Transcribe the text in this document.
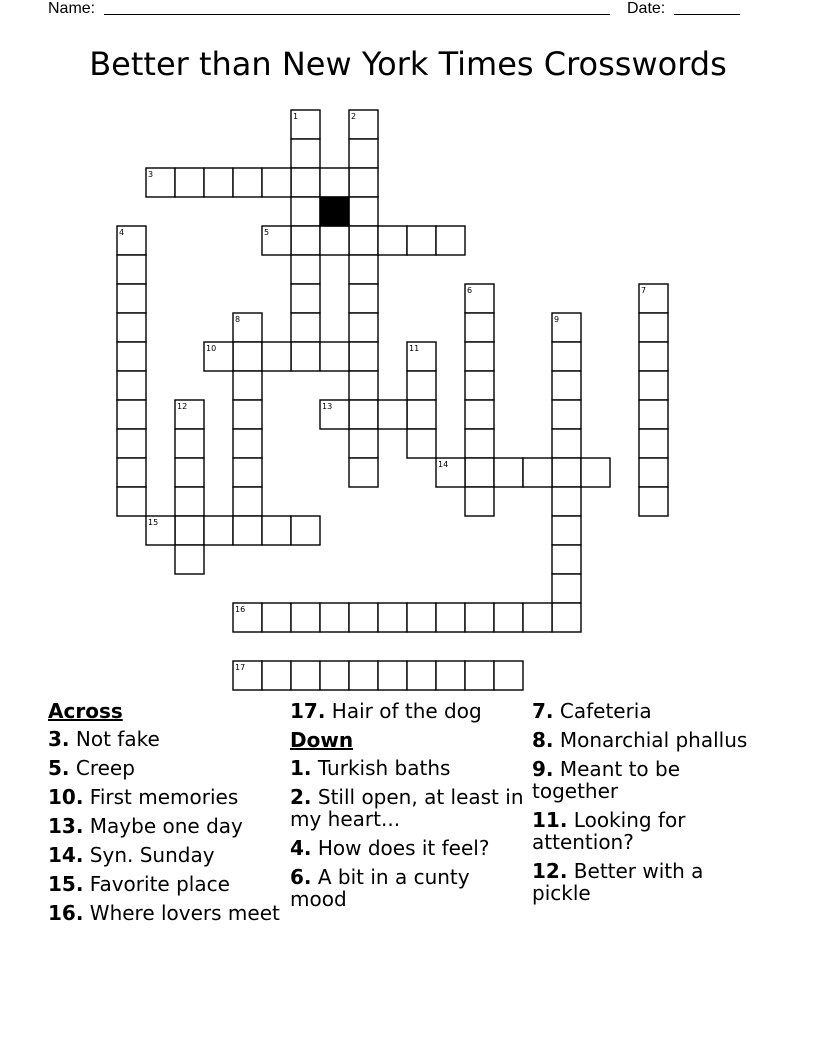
Name:	Date:
Better than New York Times Crosswords
1	2
3
4	5
6	7
8	9
10	11
12	13
14
15
16
17
Across
3. Not fake
5. Creep
10. First memories
13. Maybe one day
14. Syn. Sunday
15. Favorite place
16. Where lovers meet
17. Hair of the dog
Down
1. Turkish baths
2. Still open, at least in my heart...
4. How does it feel?
6. A bit in a cunty mood
7. Cafeteria
8. Monarchial phallus
9. Meant to be together
11. Looking for attention?
12. Better with a pickle
